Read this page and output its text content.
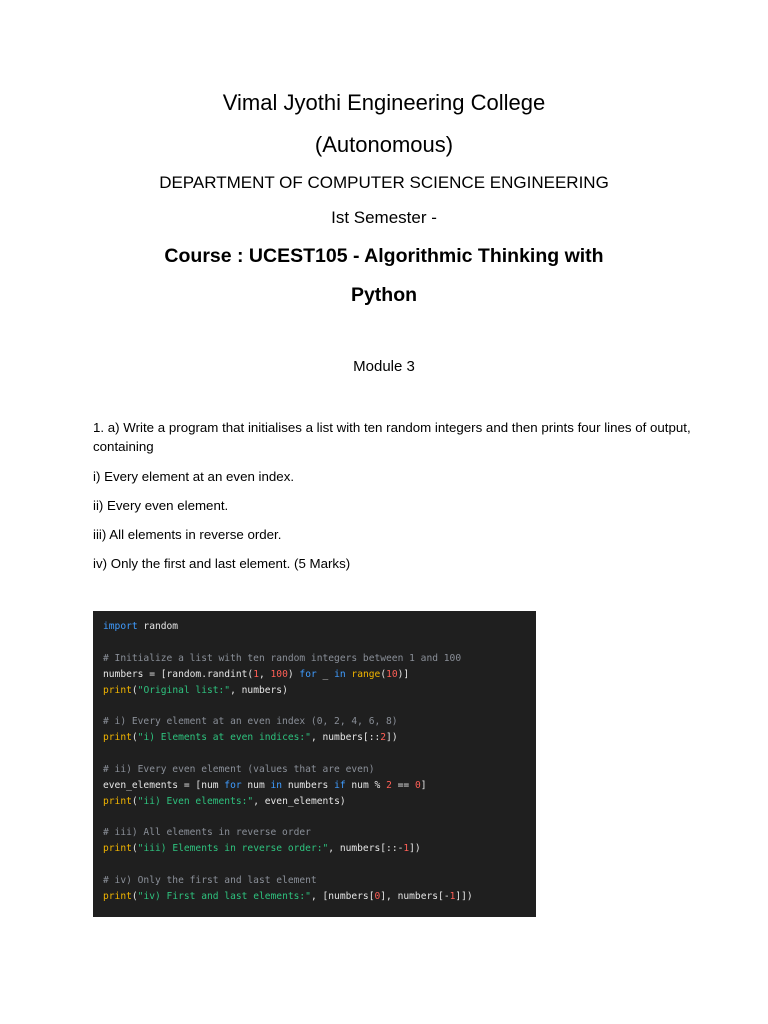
Vimal Jyothi Engineering College
(Autonomous)
DEPARTMENT OF COMPUTER SCIENCE ENGINEERING
Ist Semester -
Course : UCEST105 - Algorithmic Thinking with
Python
Module 3

1. a) Write a program that initialises a list with ten random integers and then prints four lines of output, containing

i) Every element at an even index.

ii) Every even element.

iii) All elements in reverse order.

iv) Only the first and last element. (5 Marks)

import random
# Initialize a list with ten random integers between 1 and 100
numbers = [random.randint(1, 100) for _ in range(10)]
print("Original list:", numbers)
# i) Every element at an even index (0, 2, 4, 6, 8)
print("i) Elements at even indices:", numbers[::2])
# ii) Every even element (values that are even)
even_elements = [num for num in numbers if num % 2 == 0]
print("ii) Even elements:", even_elements)
# iii) All elements in reverse order
print("iii) Elements in reverse order:", numbers[::-1])
# iv) Only the first and last element
print("iv) First and last elements:", [numbers[0], numbers[-1]])
